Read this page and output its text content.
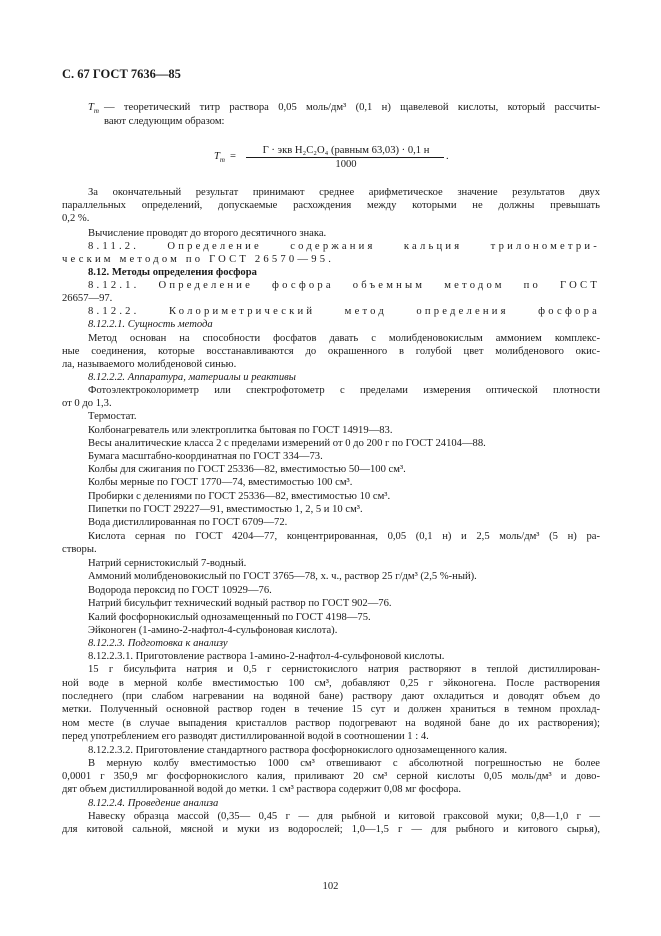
С. 67 ГОСТ 7636—85
$T_т$ — теоретический титр раствора 0,05 моль/дм³ (0,1 н) щавелевой кислоты, который рассчиты-
вают следующим образом:
$T_т$ =
Г · экв H₂C₂O₄ (равным 63,03) · 0,1 н
1000
.
За окончательный результат принимают среднее арифметическое значение результатов двух
параллельных определений, допускаемые расхождения между которыми не должны превышать
0,2 %.
Вычисление проводят до второго десятичного знака.
8.11.2. Определение содержания кальция трилонометри-
ческим методом по ГОСТ 26570—95.
8.12. Методы определения фосфора
8.12.1. Определение фосфора объемным методом по ГОСТ
26657—97.
8.12.2. Колориметрический метод определения фосфора
8.12.2.1. Сущность метода
Метод основан на способности фосфатов давать с молибденовокислым аммонием комплекс-
ные соединения, которые восстанавливаются до окрашенного в голубой цвет молибденового окис-
ла, называемого молибденовой синью.
8.12.2.2. Аппаратура, материалы и реактивы
Фотоэлектроколориметр или спектрофотометр с пределами измерения оптической плотности
от 0 до 1,3.
Термостат.
Колбонагреватель или электроплитка бытовая по ГОСТ 14919—83.
Весы аналитические класса 2 с пределами измерений от 0 до 200 г по ГОСТ 24104—88.
Бумага масштабно-координатная по ГОСТ 334—73.
Колбы для сжигания по ГОСТ 25336—82, вместимостью 50—100 см³.
Колбы мерные по ГОСТ 1770—74, вместимостью 100 см³.
Пробирки с делениями по ГОСТ 25336—82, вместимостью 10 см³.
Пипетки по ГОСТ 29227—91, вместимостью 1, 2, 5 и 10 см³.
Вода дистиллированная по ГОСТ 6709—72.
Кислота серная по ГОСТ 4204—77, концентрированная, 0,05 (0,1 н) и 2,5 моль/дм³ (5 н) ра-
створы.
Натрий сернистокислый 7-водный.
Аммоний молибденовокислый по ГОСТ 3765—78, х. ч., раствор 25 г/дм³ (2,5 %-ный).
Водорода пероксид по ГОСТ 10929—76.
Натрий бисульфит технический водный раствор по ГОСТ 902—76.
Калий фосфорнокислый однозамещенный по ГОСТ 4198—75.
Эйконоген (1-амино-2-нафтол-4-сульфоновая кислота).
8.12.2.3. Подготовка к анализу
8.12.2.3.1. Приготовление раствора 1-амино-2-нафтол-4-сульфоновой кислоты.
15 г бисульфита натрия и 0,5 г сернистокислого натрия растворяют в теплой дистиллирован-
ной воде в мерной колбе вместимостью 100 см³, добавляют 0,25 г эйконогена. После растворения
последнего (при слабом нагревании на водяной бане) раствору дают охладиться и доводят объем до
метки. Полученный основной раствор годен в течение 15 сут и должен храниться в темном прохлад-
ном месте (в случае выпадения кристаллов раствор подогревают на водяной бане до их растворения);
перед употреблением его разводят дистиллированной водой в соотношении 1 : 4.
8.12.2.3.2. Приготовление стандартного раствора фосфорнокислого однозамещенного калия.
В мерную колбу вместимостью 1000 см³ отвешивают с абсолютной погрешностью не более
0,0001 г 350,9 мг фосфорнокислого калия, приливают 20 см³ серной кислоты 0,05 моль/дм³ и дово-
дят объем дистиллированной водой до метки. 1 см³ раствора содержит 0,08 мг фосфора.
8.12.2.4. Проведение анализа
Навеску образца массой (0,35— 0,45 г — для рыбной и китовой граксовой муки; 0,8—1,0 г —
для китовой сальной, мясной и муки из водорослей; 1,0—1,5 г — для рыбного и китового сырья),
102
